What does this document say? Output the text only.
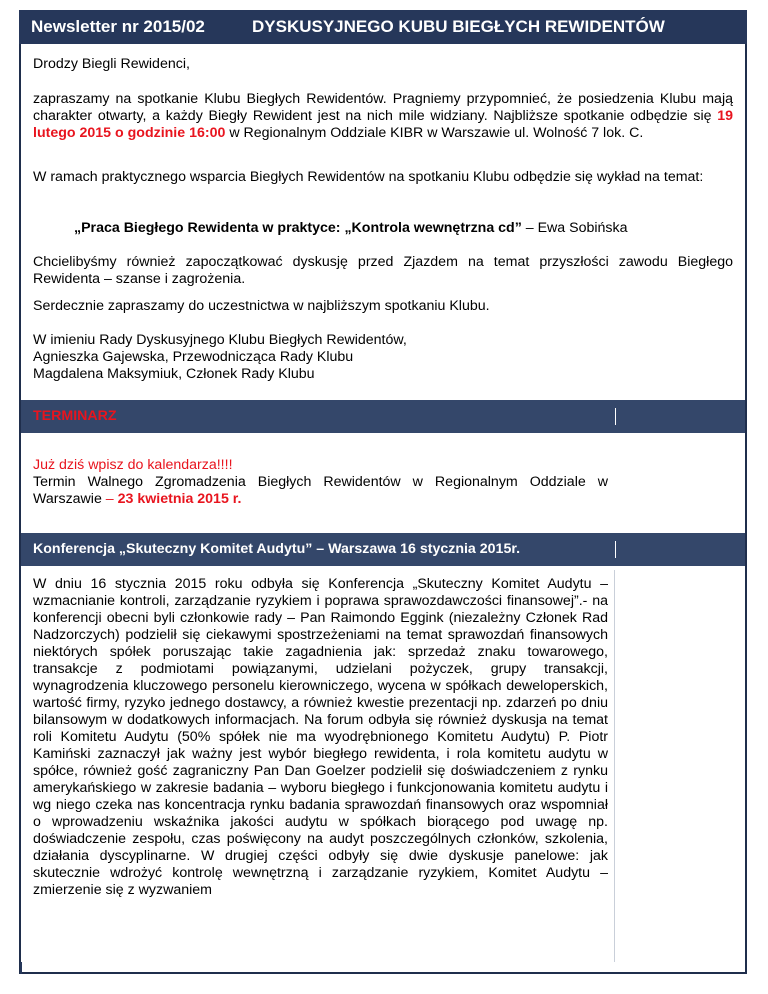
Newsletter nr 2015/02	DYSKUSYJNEGO KUBU BIEGŁYCH REWIDENTÓW
Drodzy Biegli Rewidenci,
zapraszamy na spotkanie Klubu Biegłych Rewidentów. Pragniemy przypomnieć, że posiedzenia Klubu mają charakter otwarty, a każdy Biegły Rewident jest na nich mile widziany. Najbliższe spotkanie odbędzie się 19 lutego 2015 o godzinie 16:00 w Regionalnym Oddziale KIBR w Warszawie ul. Wolność 7 lok. C.
W ramach praktycznego wsparcia Biegłych Rewidentów na spotkaniu Klubu odbędzie się wykład na temat:
„Praca Biegłego Rewidenta w praktyce: „Kontrola wewnętrzna cd” – Ewa Sobińska
Chcielibyśmy również zapoczątkować dyskusję przed Zjazdem na temat przyszłości zawodu Biegłego Rewidenta – szanse i zagrożenia.
Serdecznie zapraszamy do uczestnictwa w najbliższym spotkaniu Klubu.
W imieniu Rady Dyskusyjnego Klubu Biegłych Rewidentów,
Agnieszka Gajewska, Przewodnicząca Rady Klubu
Magdalena Maksymiuk, Członek Rady Klubu
TERMINARZ
Już dziś wpisz do kalendarza!!!!
Termin Walnego Zgromadzenia Biegłych Rewidentów w Regionalnym Oddziale w Warszawie – 23 kwietnia 2015 r.
Konferencja „Skuteczny Komitet Audytu” – Warszawa 16 stycznia 2015r.
W dniu 16 stycznia 2015 roku odbyła się Konferencja „Skuteczny Komitet Audytu – wzmacnianie kontroli, zarządzanie ryzykiem i poprawa sprawozdawczości finansowej”.- na konferencji obecni byli członkowie rady – Pan Raimondo Eggink (niezależny Członek Rad Nadzorczych) podzielił się ciekawymi spostrzeżeniami na temat sprawozdań finansowych niektórych spółek poruszając takie zagadnienia jak: sprzedaż znaku towarowego, transakcje z podmiotami powiązanymi, udzielani pożyczek, grupy transakcji, wynagrodzenia kluczowego personelu kierowniczego, wycena w spółkach deweloperskich, wartość firmy, ryzyko jednego dostawcy, a również kwestie prezentacji np. zdarzeń po dniu bilansowym w dodatkowych informacjach. Na forum odbyła się również dyskusja na temat roli Komitetu Audytu (50% spółek nie ma wyodrębnionego Komitetu Audytu) P. Piotr Kamiński zaznaczył jak ważny jest wybór biegłego rewidenta, i rola komitetu audytu w spółce, również gość zagraniczny Pan Dan Goelzer podzielił się doświadczeniem z rynku amerykańskiego w zakresie badania – wyboru biegłego i funkcjonowania komitetu audytu i wg niego czeka nas koncentracja rynku badania sprawozdań finansowych oraz wspomniał o wprowadzeniu wskaźnika jakości audytu w spółkach biorącego pod uwagę np. doświadczenie zespołu, czas poświęcony na audyt poszczególnych członków, szkolenia, działania dyscyplinarne. W drugiej części odbyły się dwie dyskusje panelowe: jak skutecznie wdrożyć kontrolę wewnętrzną i zarządzanie ryzykiem, Komitet Audytu – zmierzenie się z wyzwaniem
